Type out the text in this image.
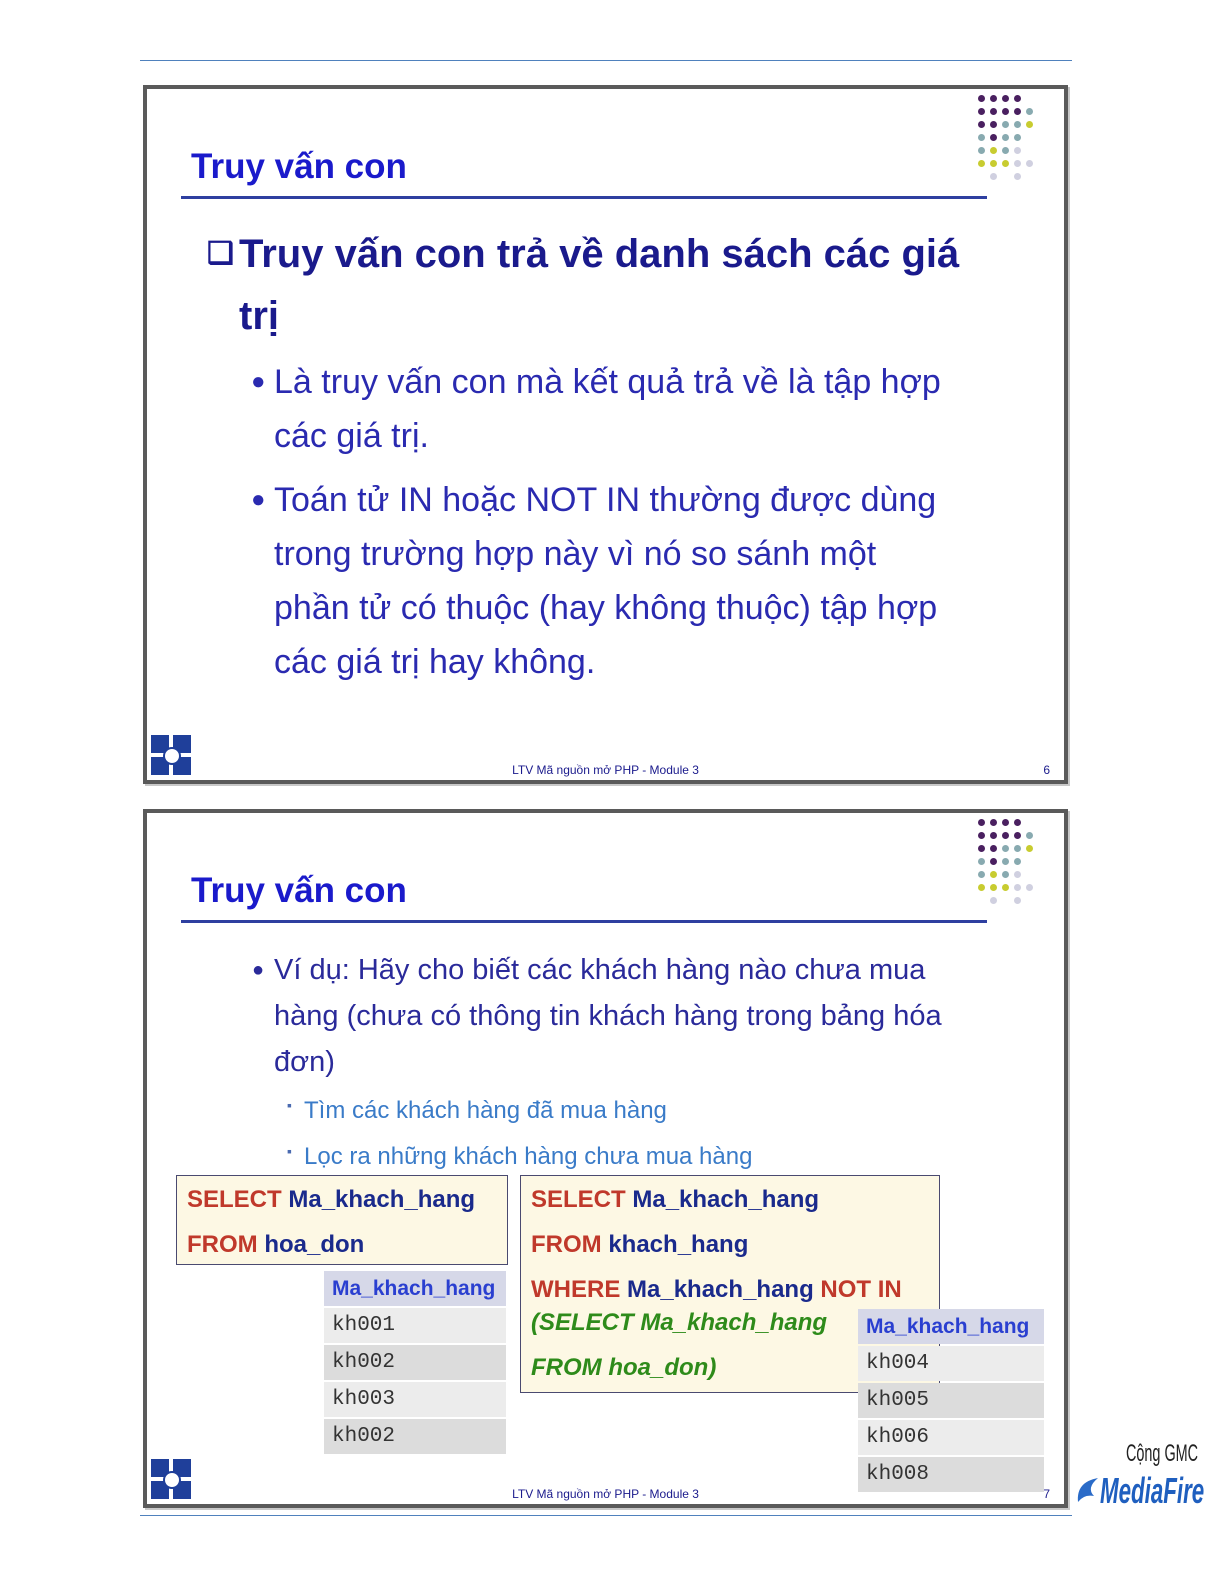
Truy vấn con
❑ Truy vấn con trả về danh sách các giá
trị
● Là truy vấn con mà kết quả trả về là tập hợp
các giá trị.
● Toán tử IN hoặc NOT IN thường được dùng
trong trường hợp này vì nó so sánh một
phần tử có thuộc (hay không thuộc) tập hợp
các giá trị hay không.
LTV Mã nguồn mở PHP - Module 3	6
Truy vấn con
● Ví dụ: Hãy cho biết các khách hàng nào chưa mua
hàng (chưa có thông tin khách hàng trong bảng hóa
đơn)
▪ Tìm các khách hàng đã mua hàng
▪ Lọc ra những khách hàng chưa mua hàng
SELECT Ma_khach_hang
FROM hoa_don
SELECT Ma_khach_hang
FROM khach_hang
WHERE Ma_khach_hang NOT IN
(SELECT Ma_khach_hang
FROM hoa_don)
Ma_khach_hang
kh001
kh002
kh003
kh002
Ma_khach_hang
kh004
kh005
kh006
kh008
LTV Mã nguồn mở PHP - Module 3	7
Cộng GMC
MediaFire
